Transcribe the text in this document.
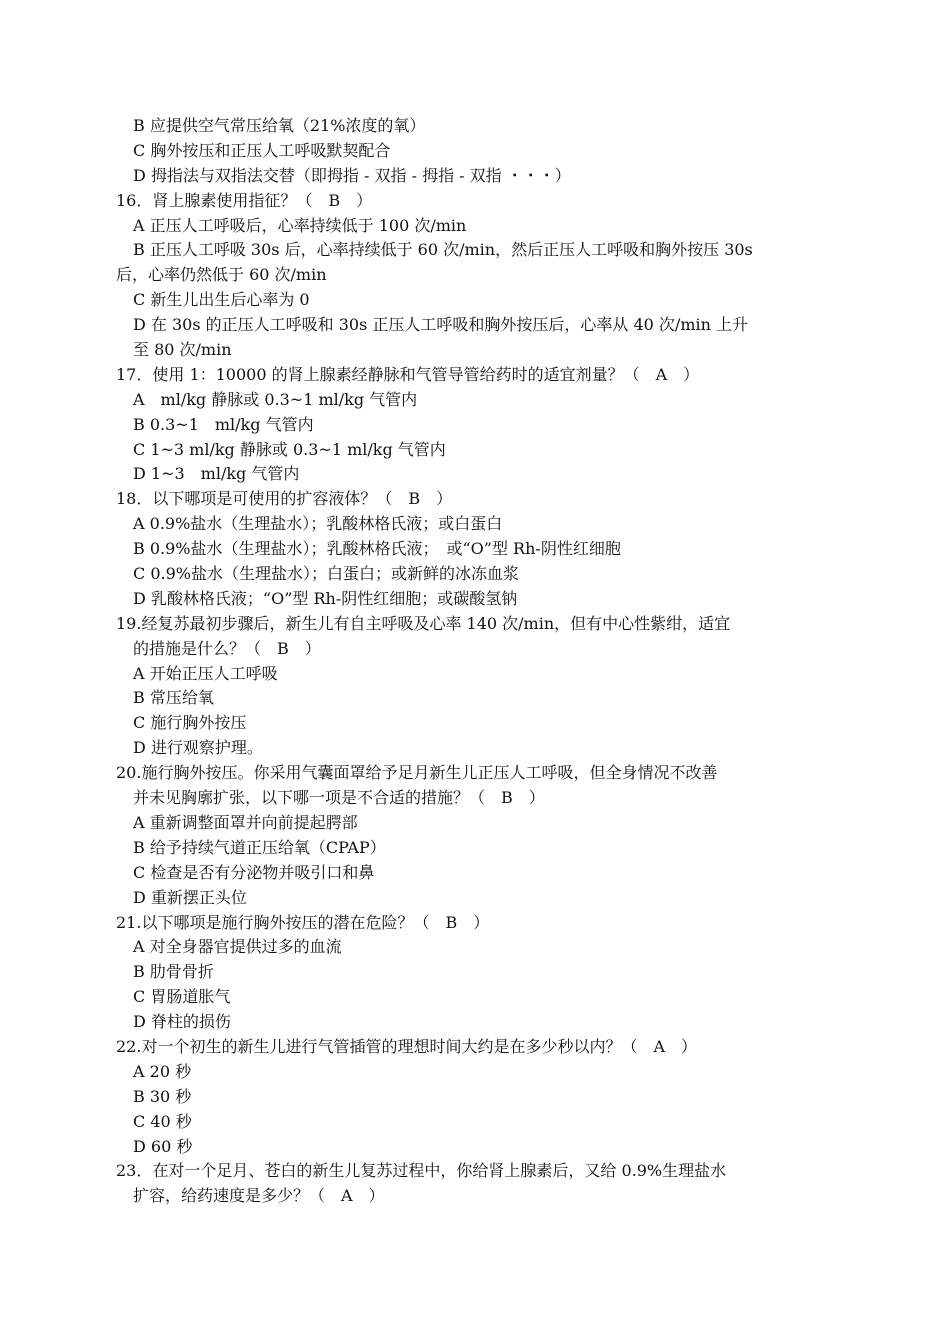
B 应提供空气常压给氧（21%浓度的氧）
C 胸外按压和正压人工呼吸默契配合
D 拇指法与双指法交替（即拇指 - 双指 - 拇指 - 双指 ・・・）
16．肾上腺素使用指征？（　B　）
A 正压人工呼吸后，心率持续低于 100 次/min
B 正压人工呼吸 30s 后，心率持续低于 60 次/min，然后正压人工呼吸和胸外按压 30s
后，心率仍然低于 60 次/min
C 新生儿出生后心率为 0
D 在 30s 的正压人工呼吸和 30s 正压人工呼吸和胸外按压后，心率从 40 次/min 上升
至 80 次/min
17．使用 1：10000 的肾上腺素经静脉和气管导管给药时的适宜剂量？（　A　）
A　ml/kg 静脉或 0.3~1 ml/kg 气管内
B 0.3~1　ml/kg 气管内
C 1~3 ml/kg 静脉或 0.3~1 ml/kg 气管内
D 1~3　ml/kg 气管内
18．以下哪项是可使用的扩容液体？（　B　）
A 0.9%盐水（生理盐水）；乳酸林格氏液；或白蛋白
B 0.9%盐水（生理盐水）；乳酸林格氏液；　或“O”型 Rh-阴性红细胞
C 0.9%盐水（生理盐水）；白蛋白；或新鲜的冰冻血浆
D 乳酸林格氏液；“O”型 Rh-阴性红细胞；或碳酸氢钠
19.经复苏最初步骤后，新生儿有自主呼吸及心率 140 次/min，但有中心性紫绀，适宜
的措施是什么？（　B　）
A 开始正压人工呼吸
B 常压给氧
C 施行胸外按压
D 进行观察护理。
20.施行胸外按压。你采用气囊面罩给予足月新生儿正压人工呼吸，但全身情况不改善
并未见胸廓扩张，以下哪一项是不合适的措施？（　B　）
A 重新调整面罩并向前提起腭部
B 给予持续气道正压给氧（CPAP）
C 检查是否有分泌物并吸引口和鼻
D 重新摆正头位
21.以下哪项是施行胸外按压的潜在危险？（　B　）
A 对全身器官提供过多的血流
B 肋骨骨折
C 胃肠道胀气
D 脊柱的损伤
22.对一个初生的新生儿进行气管插管的理想时间大约是在多少秒以内？（　A　）
A 20 秒
B 30 秒
C 40 秒
D 60 秒
23．在对一个足月、苍白的新生儿复苏过程中，你给肾上腺素后，又给 0.9%生理盐水
扩容，给药速度是多少？（　A　）
